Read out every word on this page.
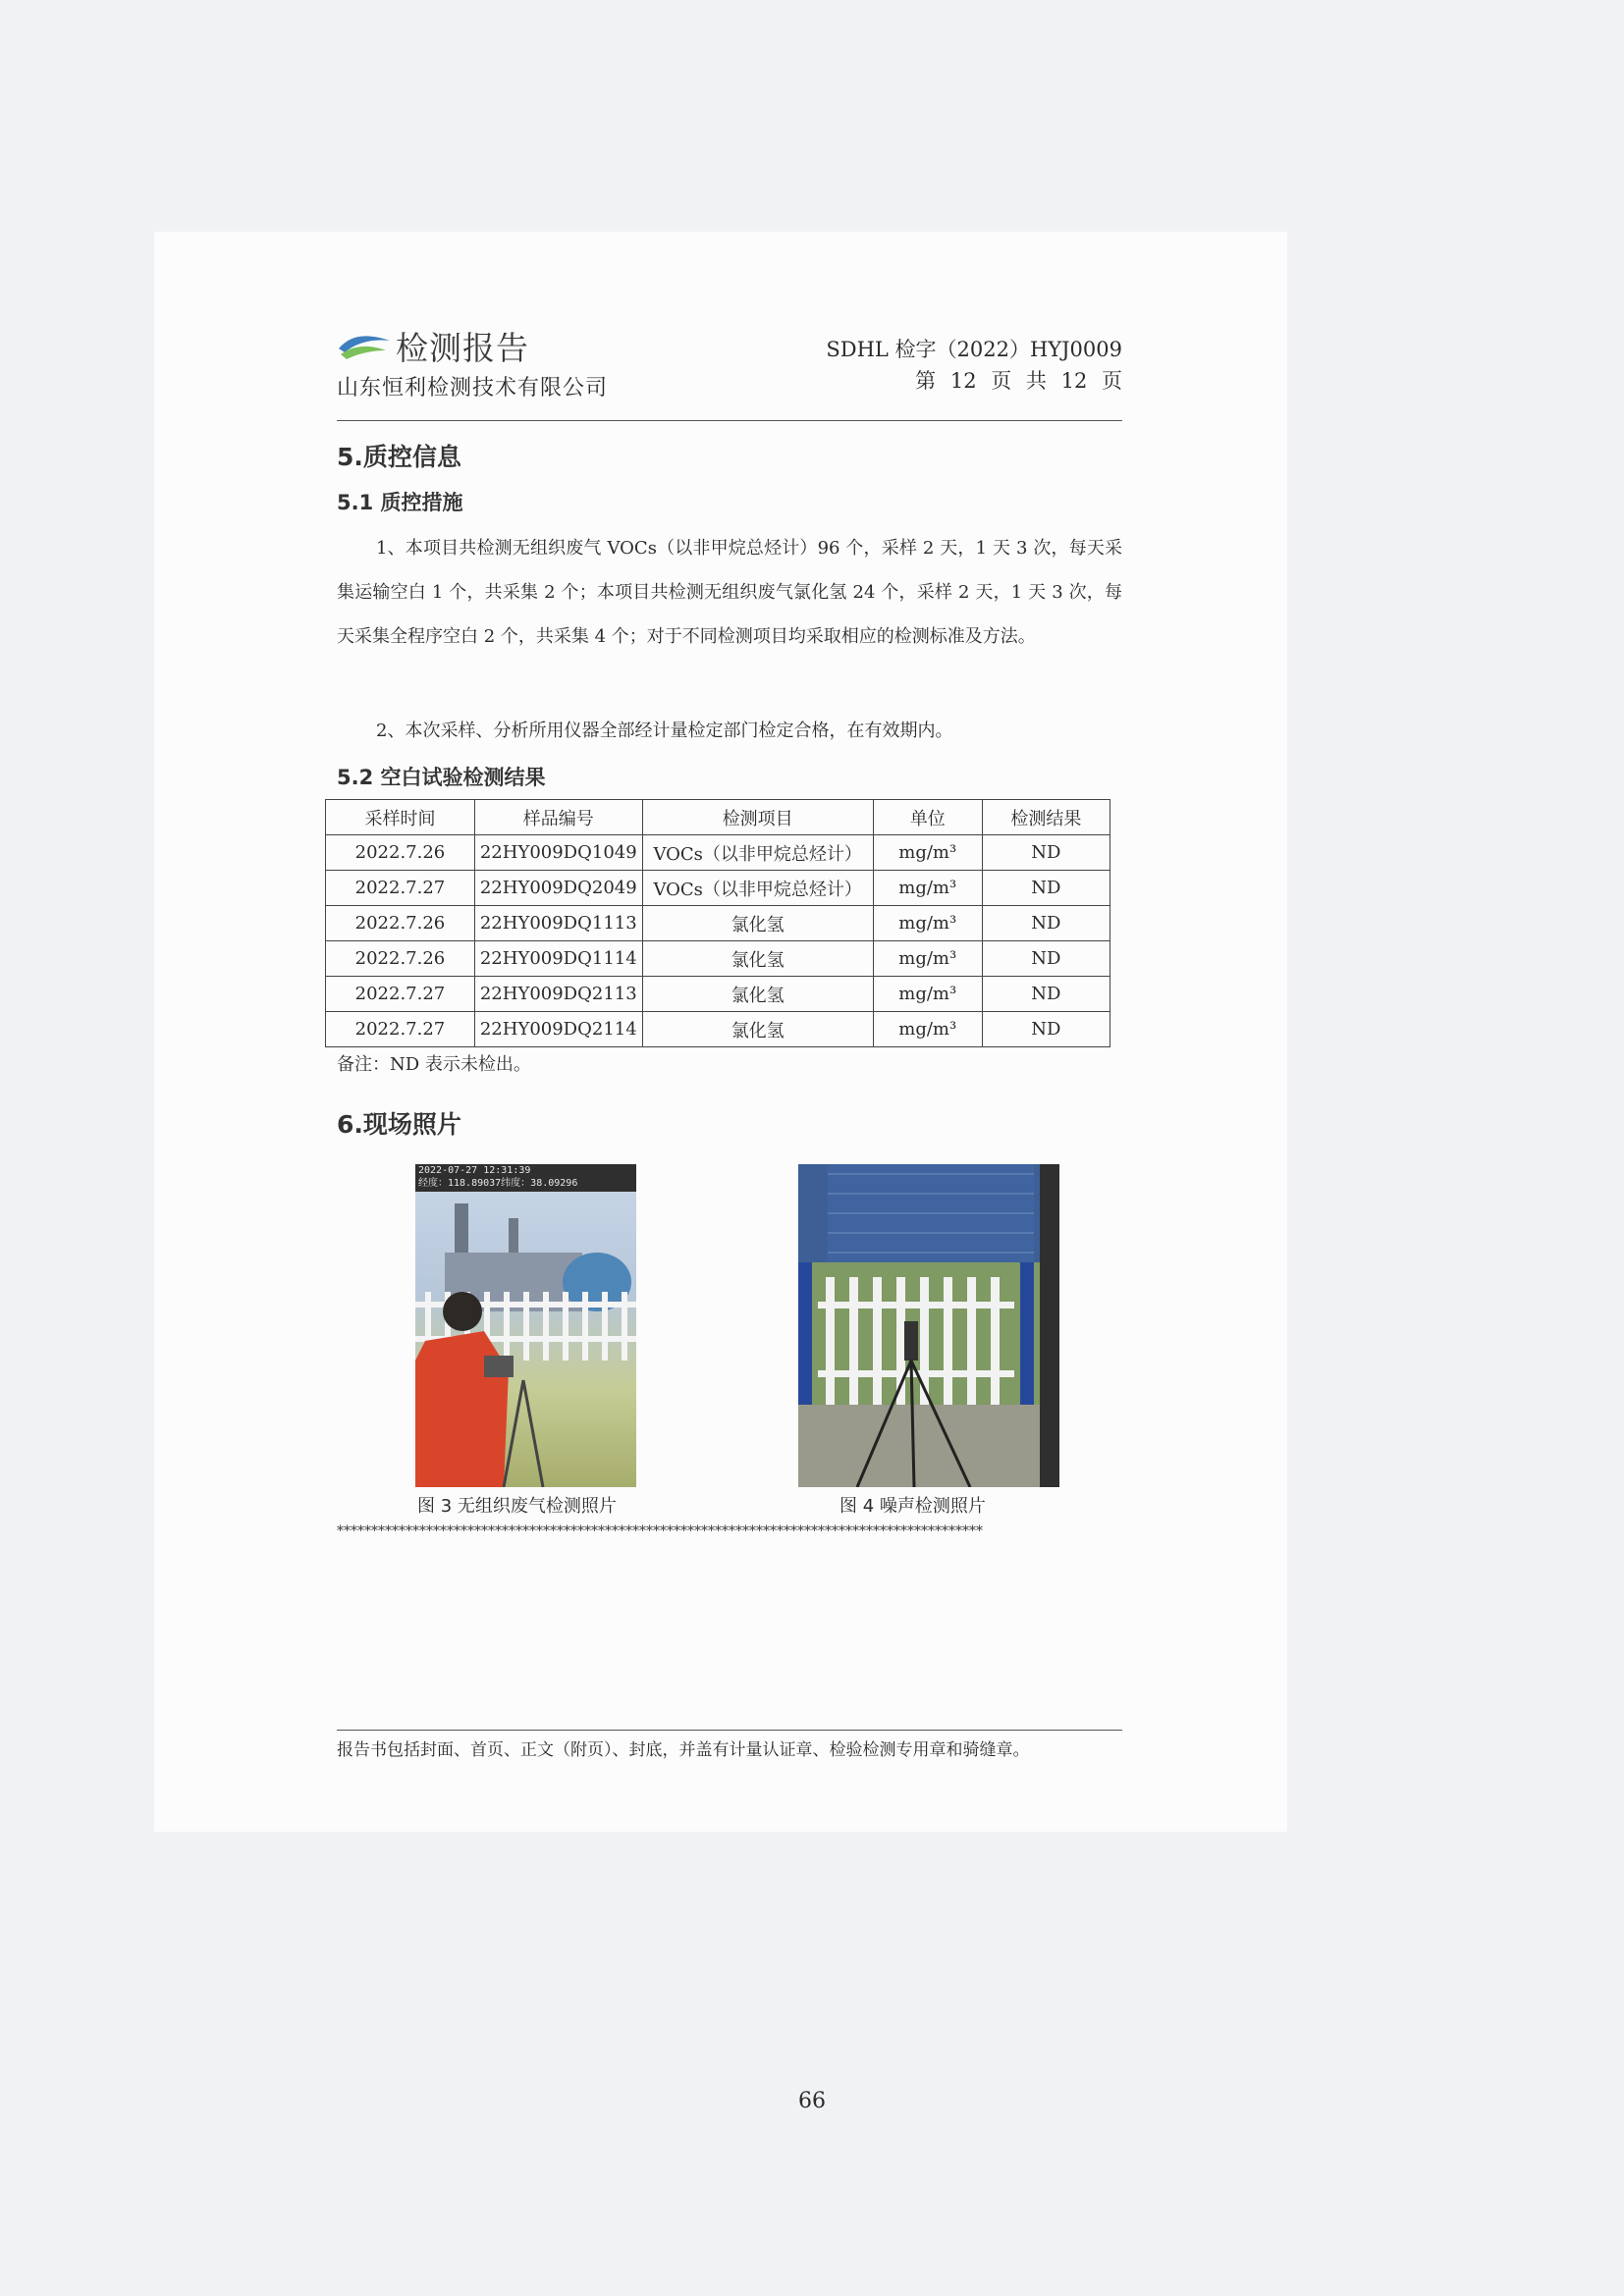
检测报告
山东恒利检测技术有限公司
SDHL 检字（2022）HYJ0009
第 12 页 共 12 页
5.质控信息
5.1 质控措施
1、本项目共检测无组织废气 VOCs（以非甲烷总烃计）96 个，采样 2 天，1 天 3 次，每天采集运输空白 1 个，共采集 2 个；本项目共检测无组织废气氯化氢 24 个，采样 2 天，1 天 3 次，每天采集全程序空白 2 个，共采集 4 个；对于不同检测项目均采取相应的检测标准及方法。
2、本次采样、分析所用仪器全部经计量检定部门检定合格，在有效期内。
5.2 空白试验检测结果
采样时间	样品编号	检测项目	单位	检测结果
2022.7.26	22HY009DQ1049	VOCs（以非甲烷总烃计）	mg/m³	ND
2022.7.27	22HY009DQ2049	VOCs（以非甲烷总烃计）	mg/m³	ND
2022.7.26	22HY009DQ1113	氯化氢	mg/m³	ND
2022.7.26	22HY009DQ1114	氯化氢	mg/m³	ND
2022.7.27	22HY009DQ2113	氯化氢	mg/m³	ND
2022.7.27	22HY009DQ2114	氯化氢	mg/m³	ND
备注：ND 表示未检出。
6.现场照片
2022-07-27 12:31:39
经度：118.89037纬度：38.09296
图 3 无组织废气检测照片	图 4 噪声检测照片
**********************************************************************************************
报告书包括封面、首页、正文（附页）、封底，并盖有计量认证章、检验检测专用章和骑缝章。
66
